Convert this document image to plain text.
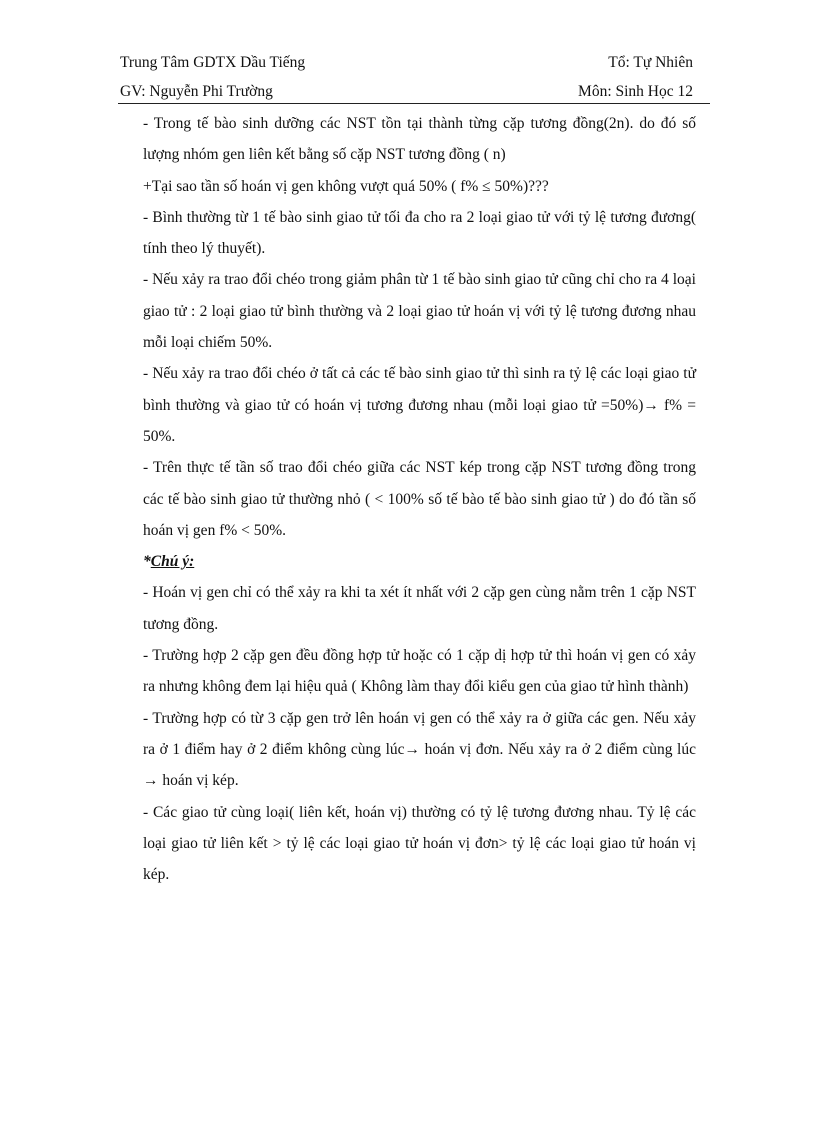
Trung Tâm GDTX Dầu Tiếng	Tổ: Tự Nhiên
GV: Nguyễn Phi Trường	Môn: Sinh Học 12

- Trong tế bào sinh dưỡng các NST tồn tại thành từng cặp tương đồng(2n). do đó số lượng nhóm gen liên kết bằng số cặp NST tương đồng ( n)

+Tại sao tần số hoán vị gen không vượt quá 50% ( f% ≤ 50%)???

- Bình thường từ 1 tế bào sinh giao tử tối đa cho ra 2 loại giao tử với tỷ lệ tương đương( tính theo lý thuyết).

- Nếu xảy ra trao đổi chéo trong giảm phân từ 1 tế bào sinh giao tử cũng chỉ cho ra 4 loại giao tử : 2 loại giao tử bình thường và 2 loại giao tử hoán vị với tỷ lệ tương đương nhau mỗi loại chiếm 50%.

- Nếu xảy ra trao đổi chéo ở tất cả các tế bào sinh giao tử thì sinh ra tỷ lệ các loại giao tử bình thường và giao tử có hoán vị tương đương nhau (mỗi loại giao tử =50%)→ f% = 50%.

- Trên thực tế tần số trao đổi chéo giữa các NST kép trong cặp NST tương đồng trong các tế bào sinh giao tử thường nhỏ ( < 100% số tế bào tế bào sinh giao tử ) do đó tần số hoán vị gen f% < 50%.

*Chú ý:

- Hoán vị gen chỉ có thể xảy ra khi ta xét ít nhất với 2 cặp gen cùng nằm trên 1 cặp NST tương đồng.

- Trường hợp 2 cặp gen đều đồng hợp tử hoặc có 1 cặp dị hợp tử thì hoán vị gen có xảy ra nhưng không đem lại hiệu quả ( Không làm thay đổi kiểu gen của giao tử hình thành)

- Trường hợp có từ 3 cặp gen trở lên hoán vị gen có thể xảy ra ở giữa các gen. Nếu xảy ra ở 1 điểm hay ở 2 điểm không cùng lúc→ hoán vị đơn. Nếu xảy ra ở 2 điểm cùng lúc → hoán vị kép.

- Các giao tử cùng loại( liên kết, hoán vị) thường có tỷ lệ tương đương nhau. Tỷ lệ các loại giao tử liên kết > tỷ lệ các loại giao tử hoán vị đơn> tỷ lệ các loại giao tử hoán vị kép.
